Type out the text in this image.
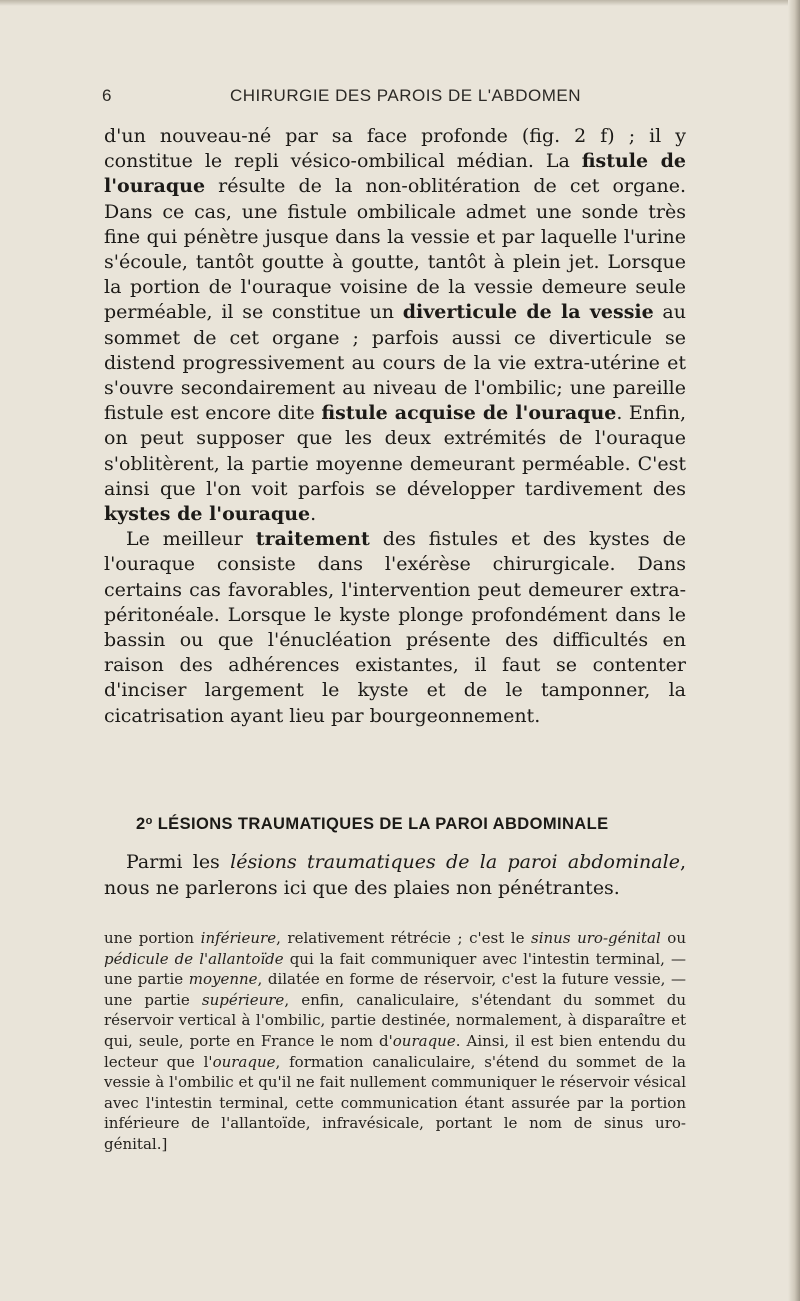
6	CHIRURGIE DES PAROIS DE L'ABDOMEN

d'un nouveau-né par sa face profonde (fig. 2 f) ; il y constitue le repli vésico-ombilical médian. La fistule de l'ouraque résulte de la non-oblitération de cet organe. Dans ce cas, une fistule ombilicale admet une sonde très fine qui pénètre jusque dans la vessie et par laquelle l'urine s'écoule, tantôt goutte à goutte, tantôt à plein jet. Lorsque la portion de l'ouraque voisine de la vessie demeure seule perméable, il se constitue un diverticule de la vessie au sommet de cet organe ; parfois aussi ce diverticule se distend progressivement au cours de la vie extra-utérine et s'ouvre secondairement au niveau de l'ombilic; une pareille fistule est encore dite fistule acquise de l'ouraque. Enfin, on peut supposer que les deux extrémités de l'ouraque s'oblitèrent, la partie moyenne demeurant perméable. C'est ainsi que l'on voit parfois se développer tardivement des kystes de l'ouraque.

Le meilleur traitement des fistules et des kystes de l'ouraque consiste dans l'exérèse chirurgicale. Dans certains cas favorables, l'intervention peut demeurer extra-péritonéale. Lorsque le kyste plonge profondément dans le bassin ou que l'énucléation présente des difficultés en raison des adhérences existantes, il faut se contenter d'inciser largement le kyste et de le tamponner, la cicatrisation ayant lieu par bourgeonnement.

2$^o$ LÉSIONS TRAUMATIQUES DE LA PAROI ABDOMINALE

Parmi les lésions traumatiques de la paroi abdominale, nous ne parlerons ici que des plaies non pénétrantes.

une portion inférieure, relativement rétrécie ; c'est le sinus uro-génital ou pédicule de l'allantoïde qui la fait communiquer avec l'intestin terminal, — une partie moyenne, dilatée en forme de réservoir, c'est la future vessie, — une partie supérieure, enfin, canaliculaire, s'étendant du sommet du réservoir vertical à l'ombilic, partie destinée, normalement, à disparaître et qui, seule, porte en France le nom d'ouraque. Ainsi, il est bien entendu du lecteur que l'ouraque, formation canaliculaire, s'étend du sommet de la vessie à l'ombilic et qu'il ne fait nullement communiquer le réservoir vésical avec l'intestin terminal, cette communication étant assurée par la portion inférieure de l'allantoïde, infravésicale, portant le nom de sinus uro-génital.]
